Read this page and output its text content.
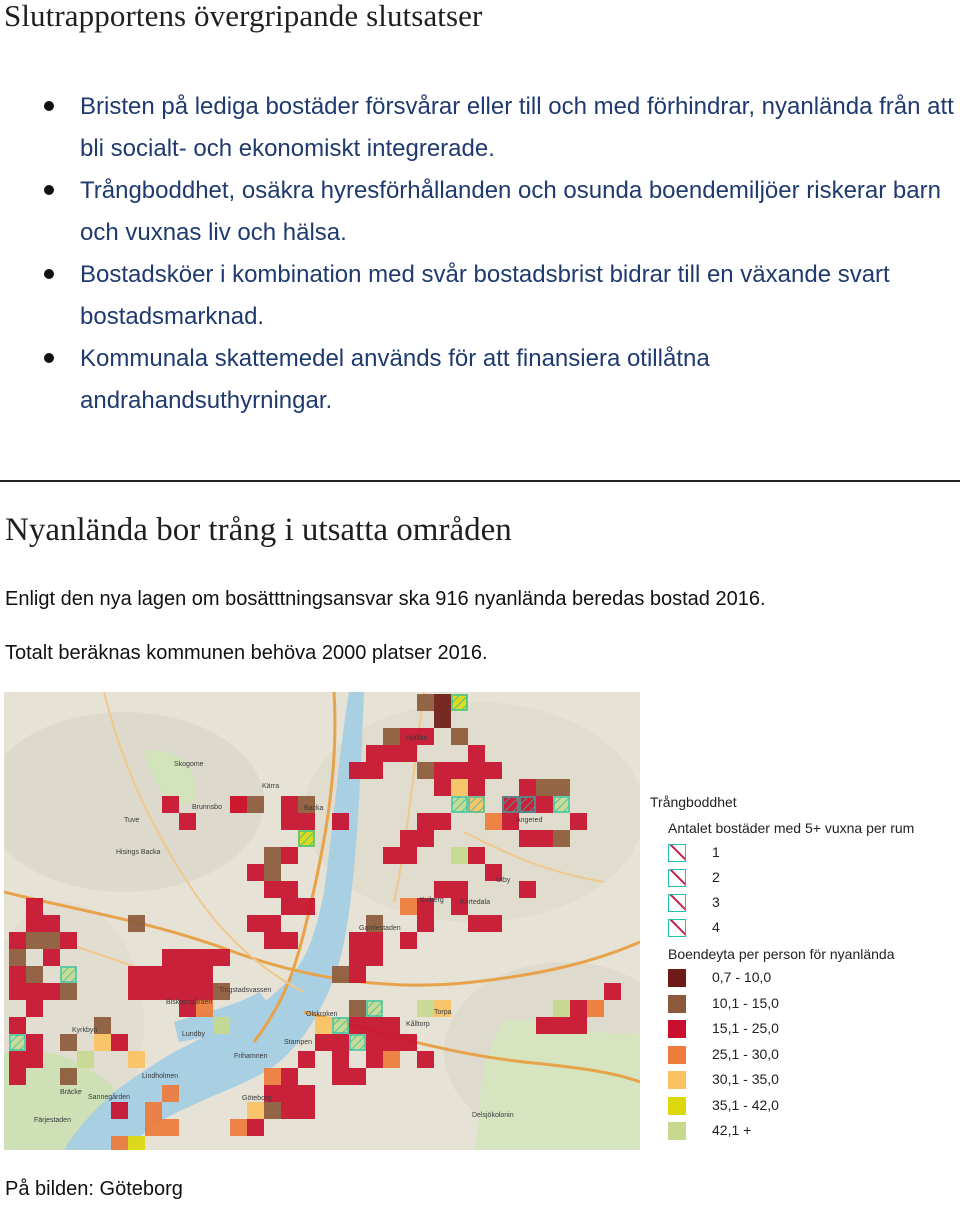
Slutrapportens övergripande slutsatser
Bristen på lediga bostäder försvårar eller till och med förhindrar, nyanlända från att bli socialt- och ekonomiskt integrerade.
Trångboddhet, osäkra hyresförhållanden och osunda boendemiljöer riskerar barn och vuxnas liv och hälsa.
Bostadsköer i kombination med svår bostadsbrist bidrar till en växande svart bostadsmarknad.
Kommunala skattemedel används för att finansiera otillåtna andrahandsuthyrningar.
Nyanlända bor trång i utsatta områden
Enligt den nya lagen om bosätttningsansvar ska 916 nyanlända beredas bostad 2016.
Totalt beräknas kommunen behöva 2000 platser 2016.
Skogome
Tuve
Hisings Backa
Brunnsbo	Backa
Kärra
Hjällbo
Angered
Gamlestaden
Kortedala
Kviberg
Utby
Tingstadsvassen
Kyrkbyn
Biskopsgården
Lundby
Lindholmen
Frihamnen
Kålltorp
Torpa
Stampen
Göteborg
Bräcke
Sannegården
Färjestaden
Olskroken
Delsjökolonin
Trångboddhet
Antalet bostäder med 5+ vuxna per rum
1
2
3
4
Boendeyta per person för nyanlända
0,7 - 10,0
10,1 - 15,0
15,1 - 25,0
25,1 - 30,0
30,1 - 35,0
35,1 - 42,0
42,1 +
På bilden: Göteborg
